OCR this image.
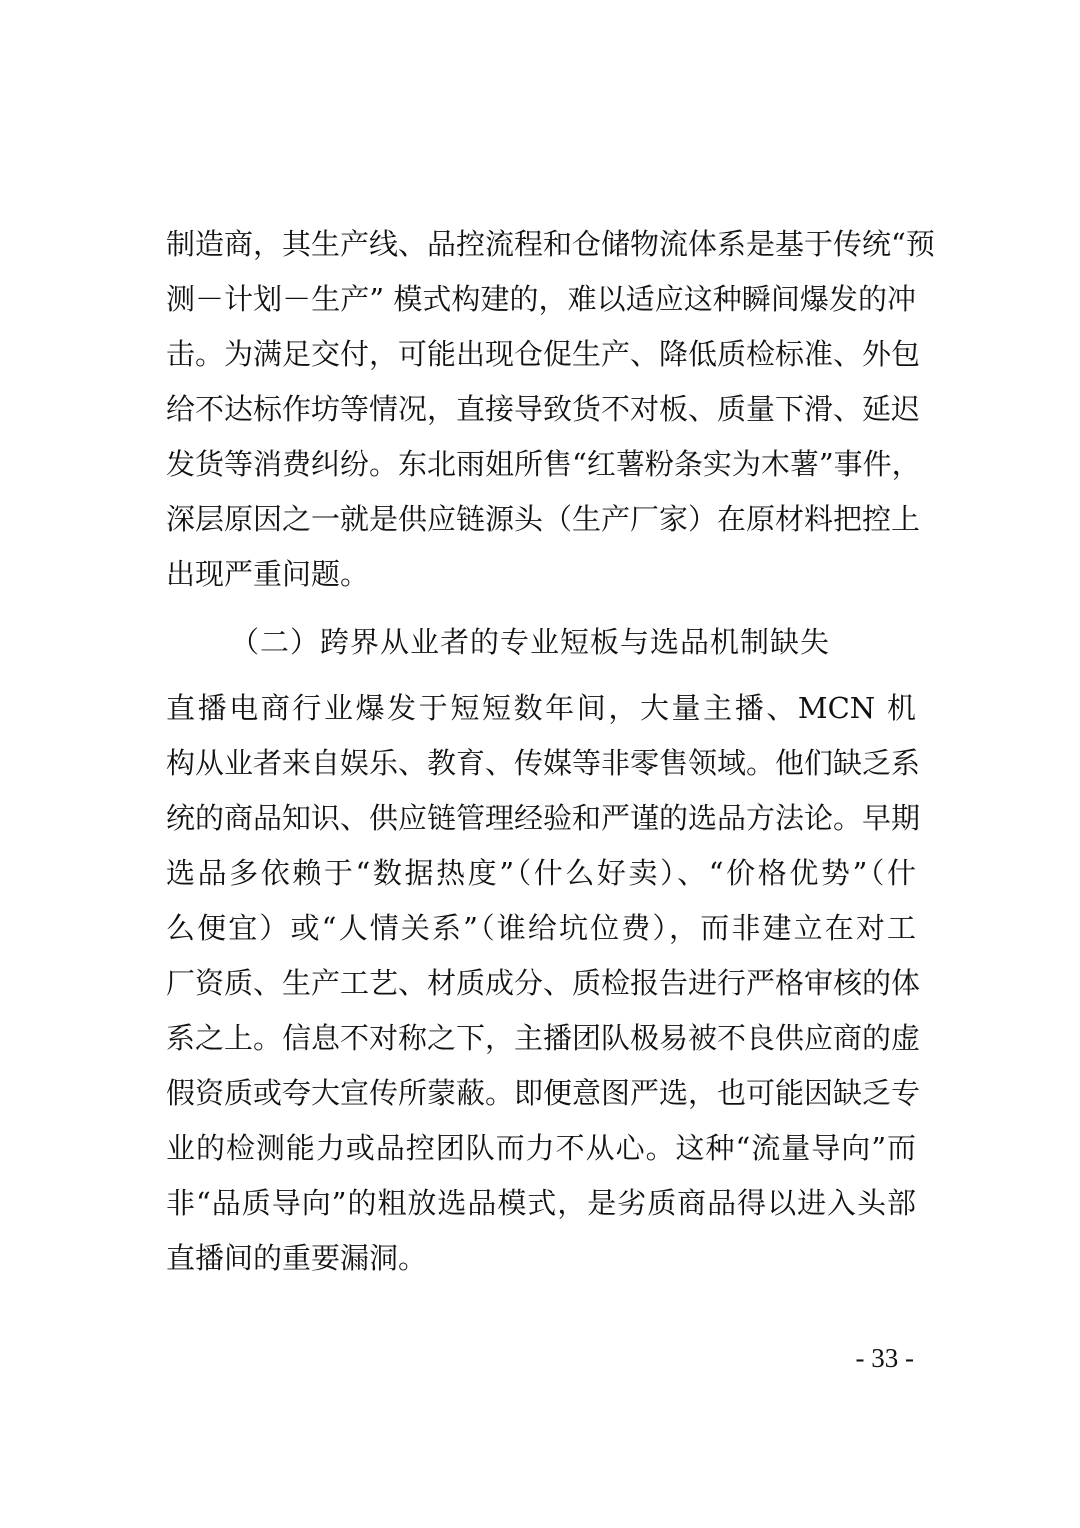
制造商，其生产线、品控流程和仓储物流体系是基于传统“预
测－计划－生产” 模式构建的，难以适应这种瞬间爆发的冲
击。为满足交付，可能出现仓促生产、降低质检标准、外包
给不达标作坊等情况，直接导致货不对板、质量下滑、延迟
发货等消费纠纷。东北雨姐所售“红薯粉条实为木薯”事件，
深层原因之一就是供应链源头（生产厂家）在原材料把控上
出现严重问题。
（二）跨界从业者的专业短板与选品机制缺失
直播电商行业爆发于短短数年间，大量主播、MCN 机
构从业者来自娱乐、教育、传媒等非零售领域。他们缺乏系
统的商品知识、供应链管理经验和严谨的选品方法论。早期
选品多依赖于“数据热度”（什么好卖）、“价格优势”（什
么便宜）或“人情关系”（谁给坑位费），而非建立在对工
厂资质、生产工艺、材质成分、质检报告进行严格审核的体
系之上。信息不对称之下，主播团队极易被不良供应商的虚
假资质或夸大宣传所蒙蔽。即便意图严选，也可能因缺乏专
业的检测能力或品控团队而力不从心。这种“流量导向”而
非“品质导向”的粗放选品模式，是劣质商品得以进入头部
直播间的重要漏洞。
- 33 -
